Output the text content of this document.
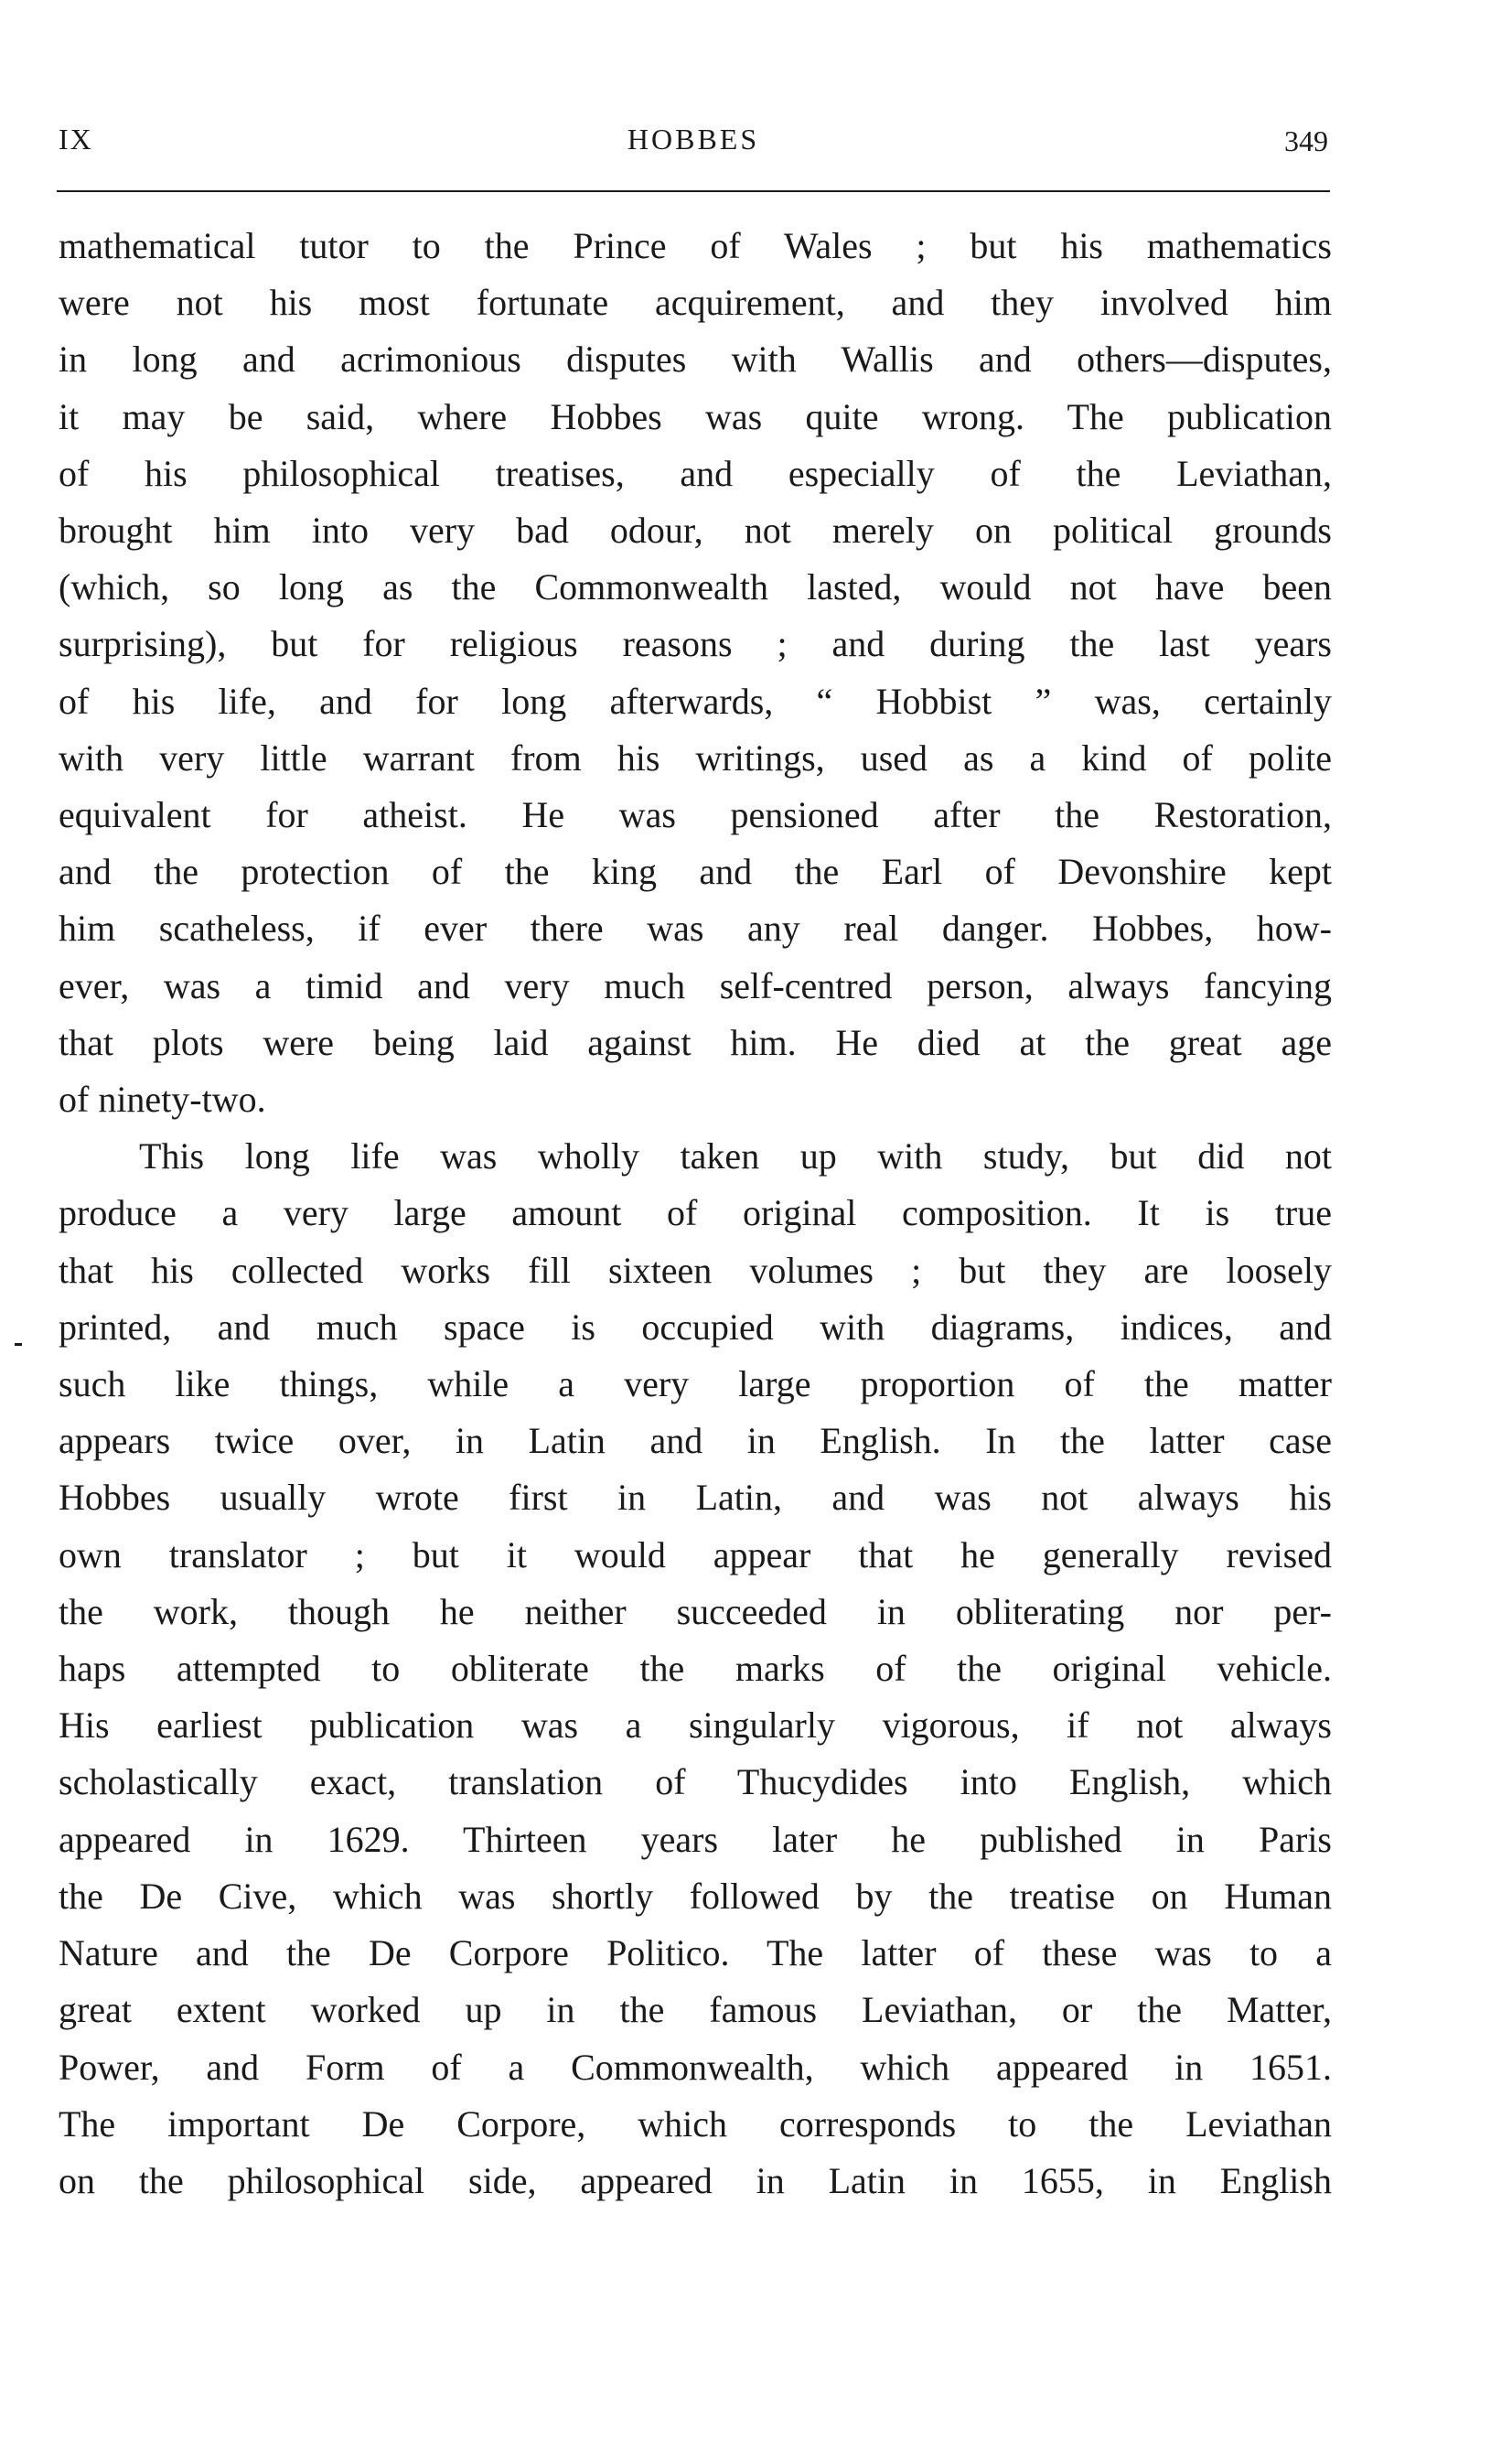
IX	HOBBES	349

mathematical tutor to the Prince of Wales ; but his mathematics
were not his most fortunate acquirement, and they involved him
in long and acrimonious disputes with Wallis and others—disputes,
it may be said, where Hobbes was quite wrong. The publication
of his philosophical treatises, and especially of the Leviathan,
brought him into very bad odour, not merely on political grounds
(which, so long as the Commonwealth lasted, would not have been
surprising), but for religious reasons ; and during the last years
of his life, and for long afterwards, “ Hobbist ” was, certainly
with very little warrant from his writings, used as a kind of polite
equivalent for atheist. He was pensioned after the Restoration,
and the protection of the king and the Earl of Devonshire kept
him scatheless, if ever there was any real danger. Hobbes, how-
ever, was a timid and very much self-centred person, always fancying
that plots were being laid against him. He died at the great age
of ninety-two.

This long life was wholly taken up with study, but did not
produce a very large amount of original composition. It is true
that his collected works fill sixteen volumes ; but they are loosely
printed, and much space is occupied with diagrams, indices, and
such like things, while a very large proportion of the matter
appears twice over, in Latin and in English. In the latter case
Hobbes usually wrote first in Latin, and was not always his
own translator ; but it would appear that he generally revised
the work, though he neither succeeded in obliterating nor per-
haps attempted to obliterate the marks of the original vehicle.
His earliest publication was a singularly vigorous, if not always
scholastically exact, translation of Thucydides into English, which
appeared in 1629. Thirteen years later he published in Paris
the De Cive, which was shortly followed by the treatise on Human
Nature and the De Corpore Politico. The latter of these was to a
great extent worked up in the famous Leviathan, or the Matter,
Power, and Form of a Commonwealth, which appeared in 1651.
The important De Corpore, which corresponds to the Leviathan
on the philosophical side, appeared in Latin in 1655, in English
